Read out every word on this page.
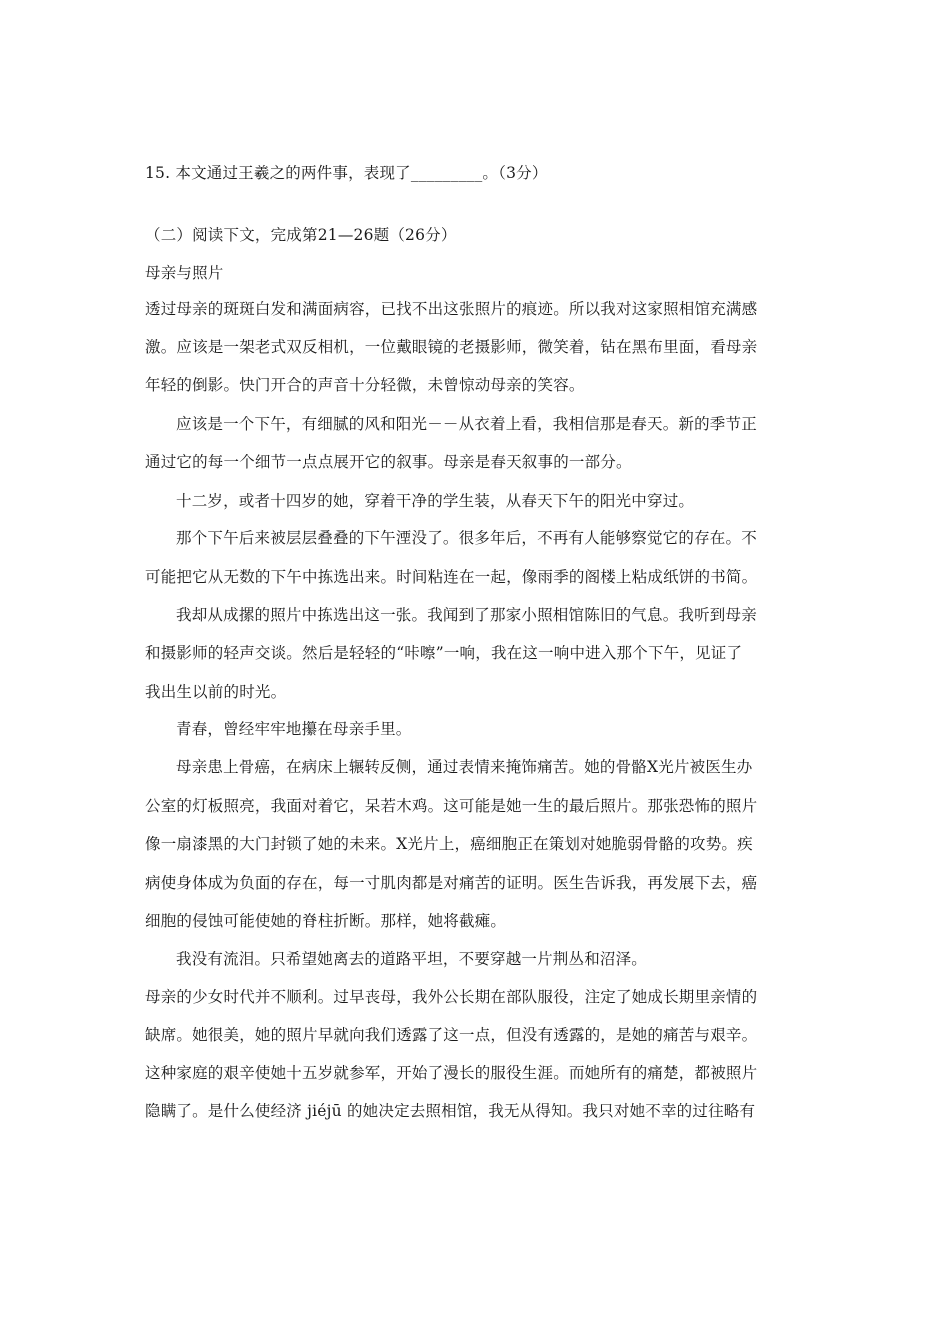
15. 本文通过王羲之的两件事，表现了_________。（3分）
（二）阅读下文，完成第21—26题（26分）
母亲与照片
透过母亲的斑斑白发和满面病容，已找不出这张照片的痕迹。所以我对这家照相馆充满感
激。应该是一架老式双反相机，一位戴眼镜的老摄影师，微笑着，钻在黑布里面，看母亲
年轻的倒影。快门开合的声音十分轻微，未曾惊动母亲的笑容。
应该是一个下午，有细腻的风和阳光－－从衣着上看，我相信那是春天。新的季节正
通过它的每一个细节一点点展开它的叙事。母亲是春天叙事的一部分。
十二岁，或者十四岁的她，穿着干净的学生装，从春天下午的阳光中穿过。
那个下午后来被层层叠叠的下午湮没了。很多年后，不再有人能够察觉它的存在。不
可能把它从无数的下午中拣选出来。时间粘连在一起，像雨季的阁楼上粘成纸饼的书简。
我却从成摞的照片中拣选出这一张。我闻到了那家小照相馆陈旧的气息。我听到母亲
和摄影师的轻声交谈。然后是轻轻的“咔嚓”一响，我在这一响中进入那个下午，见证了
我出生以前的时光。
青春，曾经牢牢地攥在母亲手里。
母亲患上骨癌，在病床上辗转反侧，通过表情来掩饰痛苦。她的骨骼X光片被医生办
公室的灯板照亮，我面对着它，呆若木鸡。这可能是她一生的最后照片。那张恐怖的照片
像一扇漆黑的大门封锁了她的未来。X光片上，癌细胞正在策划对她脆弱骨骼的攻势。疾
病使身体成为负面的存在，每一寸肌肉都是对痛苦的证明。医生告诉我，再发展下去，癌
细胞的侵蚀可能使她的脊柱折断。那样，她将截瘫。
我没有流泪。只希望她离去的道路平坦，不要穿越一片荆丛和沼泽。
母亲的少女时代并不顺利。过早丧母，我外公长期在部队服役，注定了她成长期里亲情的
缺席。她很美，她的照片早就向我们透露了这一点，但没有透露的，是她的痛苦与艰辛。
这种家庭的艰辛使她十五岁就参军，开始了漫长的服役生涯。而她所有的痛楚，都被照片
隐瞒了。是什么使经济 jiéjū 的她决定去照相馆，我无从得知。我只对她不幸的过往略有
